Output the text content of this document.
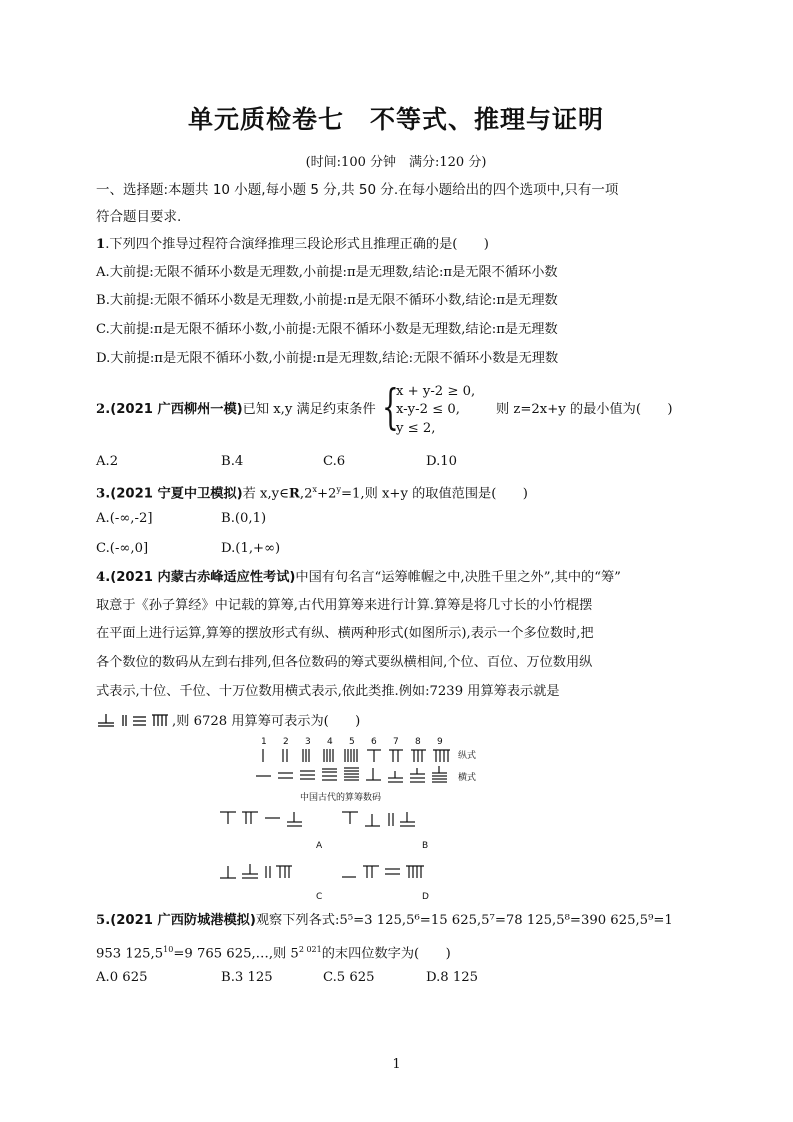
单元质检卷七　不等式、推理与证明
(时间:100 分钟　满分:120 分)
一、选择题:本题共 10 小题,每小题 5 分,共 50 分.在每小题给出的四个选项中,只有一项
符合题目要求.
1.下列四个推导过程符合演绎推理三段论形式且推理正确的是(　　)
A.大前提:无限不循环小数是无理数,小前提:π是无理数,结论:π是无限不循环小数
B.大前提:无限不循环小数是无理数,小前提:π是无限不循环小数,结论:π是无理数
C.大前提:π是无限不循环小数,小前提:无限不循环小数是无理数,结论:π是无理数
D.大前提:π是无限不循环小数,小前提:π是无理数,结论:无限不循环小数是无理数
2.(2021 广西柳州一模)已知 x,y 满足约束条件 {
x + y-2 ≥ 0,
x-y-2 ≤ 0,
y ≤ 2,
则 z=2x+y 的最小值为(　　)
A.2	B.4	C.6	D.10
3.(2021 宁夏中卫模拟)若 $x,y\in R,2^x+2^y=1$,则 x+y 的取值范围是(　　)
A.(-∞,-2]	B.(0,1)
C.(-∞,0]	D.(1,+∞)
4.(2021 内蒙古赤峰适应性考试)中国有句名言“运筹帷幄之中,决胜千里之外”,其中的“筹”
取意于《孙子算经》中记载的算筹,古代用算筹来进行计算.算筹是将几寸长的小竹棍摆
在平面上进行运算,算筹的摆放形式有纵、横两种形式(如图所示),表示一个多位数时,把
各个数位的数码从左到右排列,但各位数码的筹式要纵横相间,个位、百位、万位数用纵
式表示,十位、千位、十万位数用横式表示,依此类推.例如:7239 用算筹表示就是
,则 6728 用算筹可表示为(　　)
1 2 3 4 5 6 7 8 9
纵式
横式
中国古代的算筹数码
A	B
C	D
5.(2021 广西防城港模拟)观察下列各式:5⁵=3 125,5⁶=15 625,5⁷=78 125,5⁸=390 625,5⁹=1
953 $125,5^{10}=9$ 765 625,…,则 $5^{2 021}$的末四位数字为(　　)
A.0 625	B.3 125	C.5 625	D.8 125
1
